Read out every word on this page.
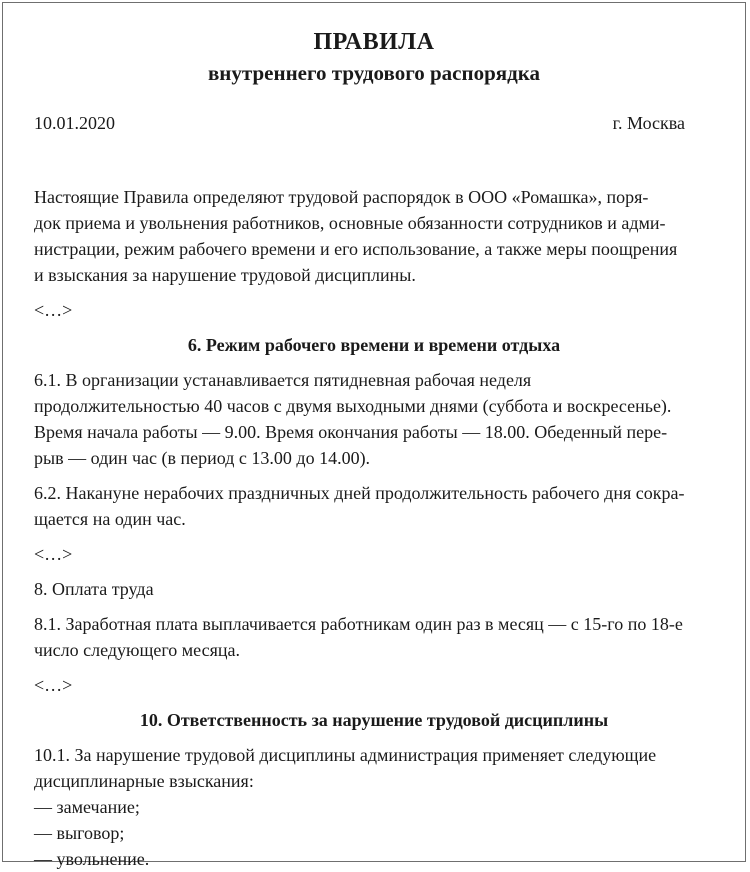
ПРАВИЛА
внутреннего трудового распорядка
10.01.2020	г. Москва

Настоящие Правила определяют трудовой распорядок в ООО «Ромашка», поря-
док приема и увольнения работников, основные обязанности сотрудников и адми-
нистрации, режим рабочего времени и его использование, а также меры поощрения
и взыскания за нарушение трудовой дисциплины.

<…>
6. Режим рабочего времени и времени отдыха

6.1. В организации устанавливается пятидневная рабочая неделя
продолжительностью 40 часов с двумя выходными днями (суббота и воскресенье).
Время начала работы — 9.00. Время окончания работы — 18.00. Обеденный пере-
рыв — один час (в период с 13.00 до 14.00).

6.2. Накануне нерабочих праздничных дней продолжительность рабочего дня сокра-
щается на один час.

<…>
8. Оплата труда

8.1. Заработная плата выплачивается работникам один раз в месяц — с 15-го по 18-е
число следующего месяца.

<…>
10. Ответственность за нарушение трудовой дисциплины

10.1. За нарушение трудовой дисциплины администрация применяет следующие
дисциплинарные взыскания:

— замечание;
— выговор;
— увольнение.
